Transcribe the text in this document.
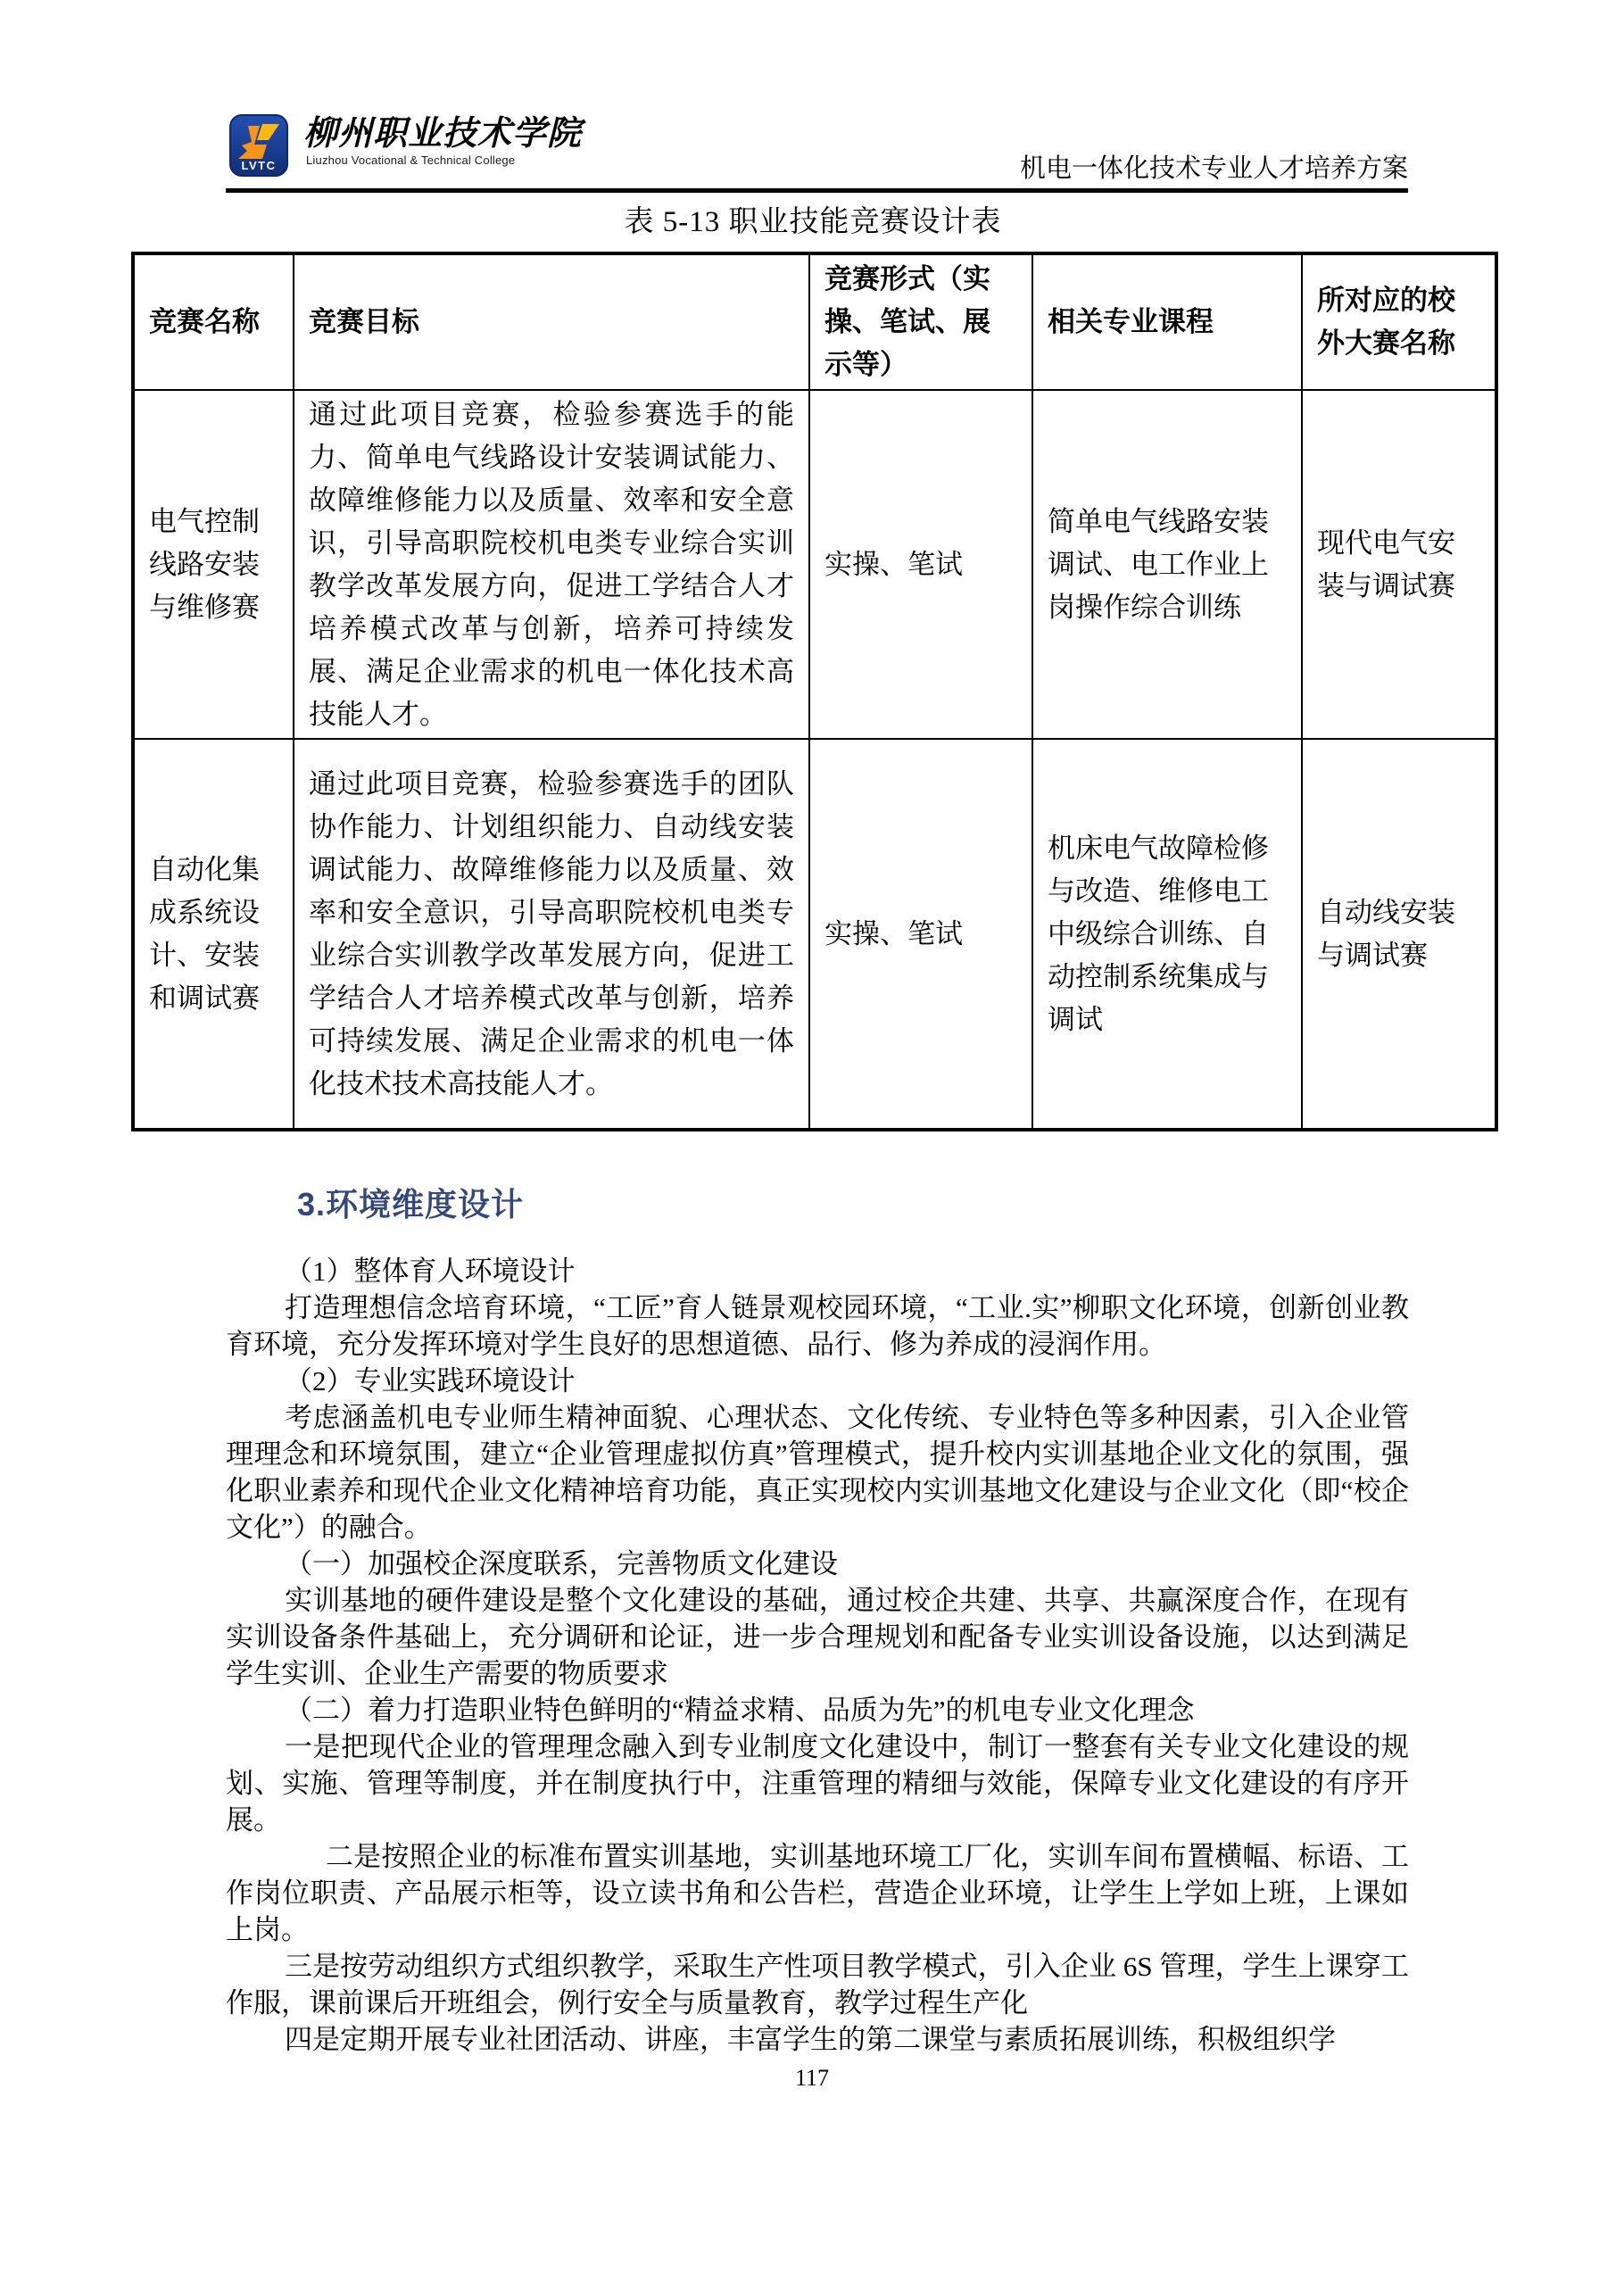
LVTC
柳州职业技术学院
Liuzhou Vocational & Technical College	机电一体化技术专业人才培养方案
表 5-13 职业技能竞赛设计表
竞赛名称	竞赛目标	竞赛形式（实操、笔试、展示等）	相关专业课程	所对应的校外大赛名称
电气控制线路安装与维修赛	通过此项目竞赛，检验参赛选手的能力、简单电气线路设计安装调试能力、故障维修能力以及质量、效率和安全意识，引导高职院校机电类专业综合实训教学改革发展方向，促进工学结合人才培养模式改革与创新，培养可持续发展、满足企业需求的机电一体化技术高技能人才。	实操、笔试	简单电气线路安装调试、电工作业上岗操作综合训练	现代电气安装与调试赛
自动化集成系统设计、安装和调试赛	通过此项目竞赛，检验参赛选手的团队协作能力、计划组织能力、自动线安装调试能力、故障维修能力以及质量、效率和安全意识，引导高职院校机电类专业综合实训教学改革发展方向，促进工学结合人才培养模式改革与创新，培养可持续发展、满足企业需求的机电一体化技术技术高技能人才。	实操、笔试	机床电气故障检修与改造、维修电工中级综合训练、自动控制系统集成与调试	自动线安装与调试赛
3.环境维度设计

（1）整体育人环境设计

打造理想信念培育环境，“工匠”育人链景观校园环境，“工业.实”柳职文化环境，创新创业教育环境，充分发挥环境对学生良好的思想道德、品行、修为养成的浸润作用。

（2）专业实践环境设计

考虑涵盖机电专业师生精神面貌、心理状态、文化传统、专业特色等多种因素，引入企业管理理念和环境氛围，建立“企业管理虚拟仿真”管理模式，提升校内实训基地企业文化的氛围，强化职业素养和现代企业文化精神培育功能，真正实现校内实训基地文化建设与企业文化（即“校企文化”）的融合。

（一）加强校企深度联系，完善物质文化建设

实训基地的硬件建设是整个文化建设的基础，通过校企共建、共享、共赢深度合作，在现有实训设备条件基础上，充分调研和论证，进一步合理规划和配备专业实训设备设施，以达到满足学生实训、企业生产需要的物质要求

（二）着力打造职业特色鲜明的“精益求精、品质为先”的机电专业文化理念

一是把现代企业的管理理念融入到专业制度文化建设中，制订一整套有关专业文化建设的规划、实施、管理等制度，并在制度执行中，注重管理的精细与效能，保障专业文化建设的有序开展。

二是按照企业的标准布置实训基地，实训基地环境工厂化，实训车间布置横幅、标语、工作岗位职责、产品展示柜等，设立读书角和公告栏，营造企业环境，让学生上学如上班，上课如上岗。

三是按劳动组织方式组织教学，采取生产性项目教学模式，引入企业 6S 管理，学生上课穿工作服，课前课后开班组会，例行安全与质量教育，教学过程生产化

四是定期开展专业社团活动、讲座，丰富学生的第二课堂与素质拓展训练，积极组织学

117
